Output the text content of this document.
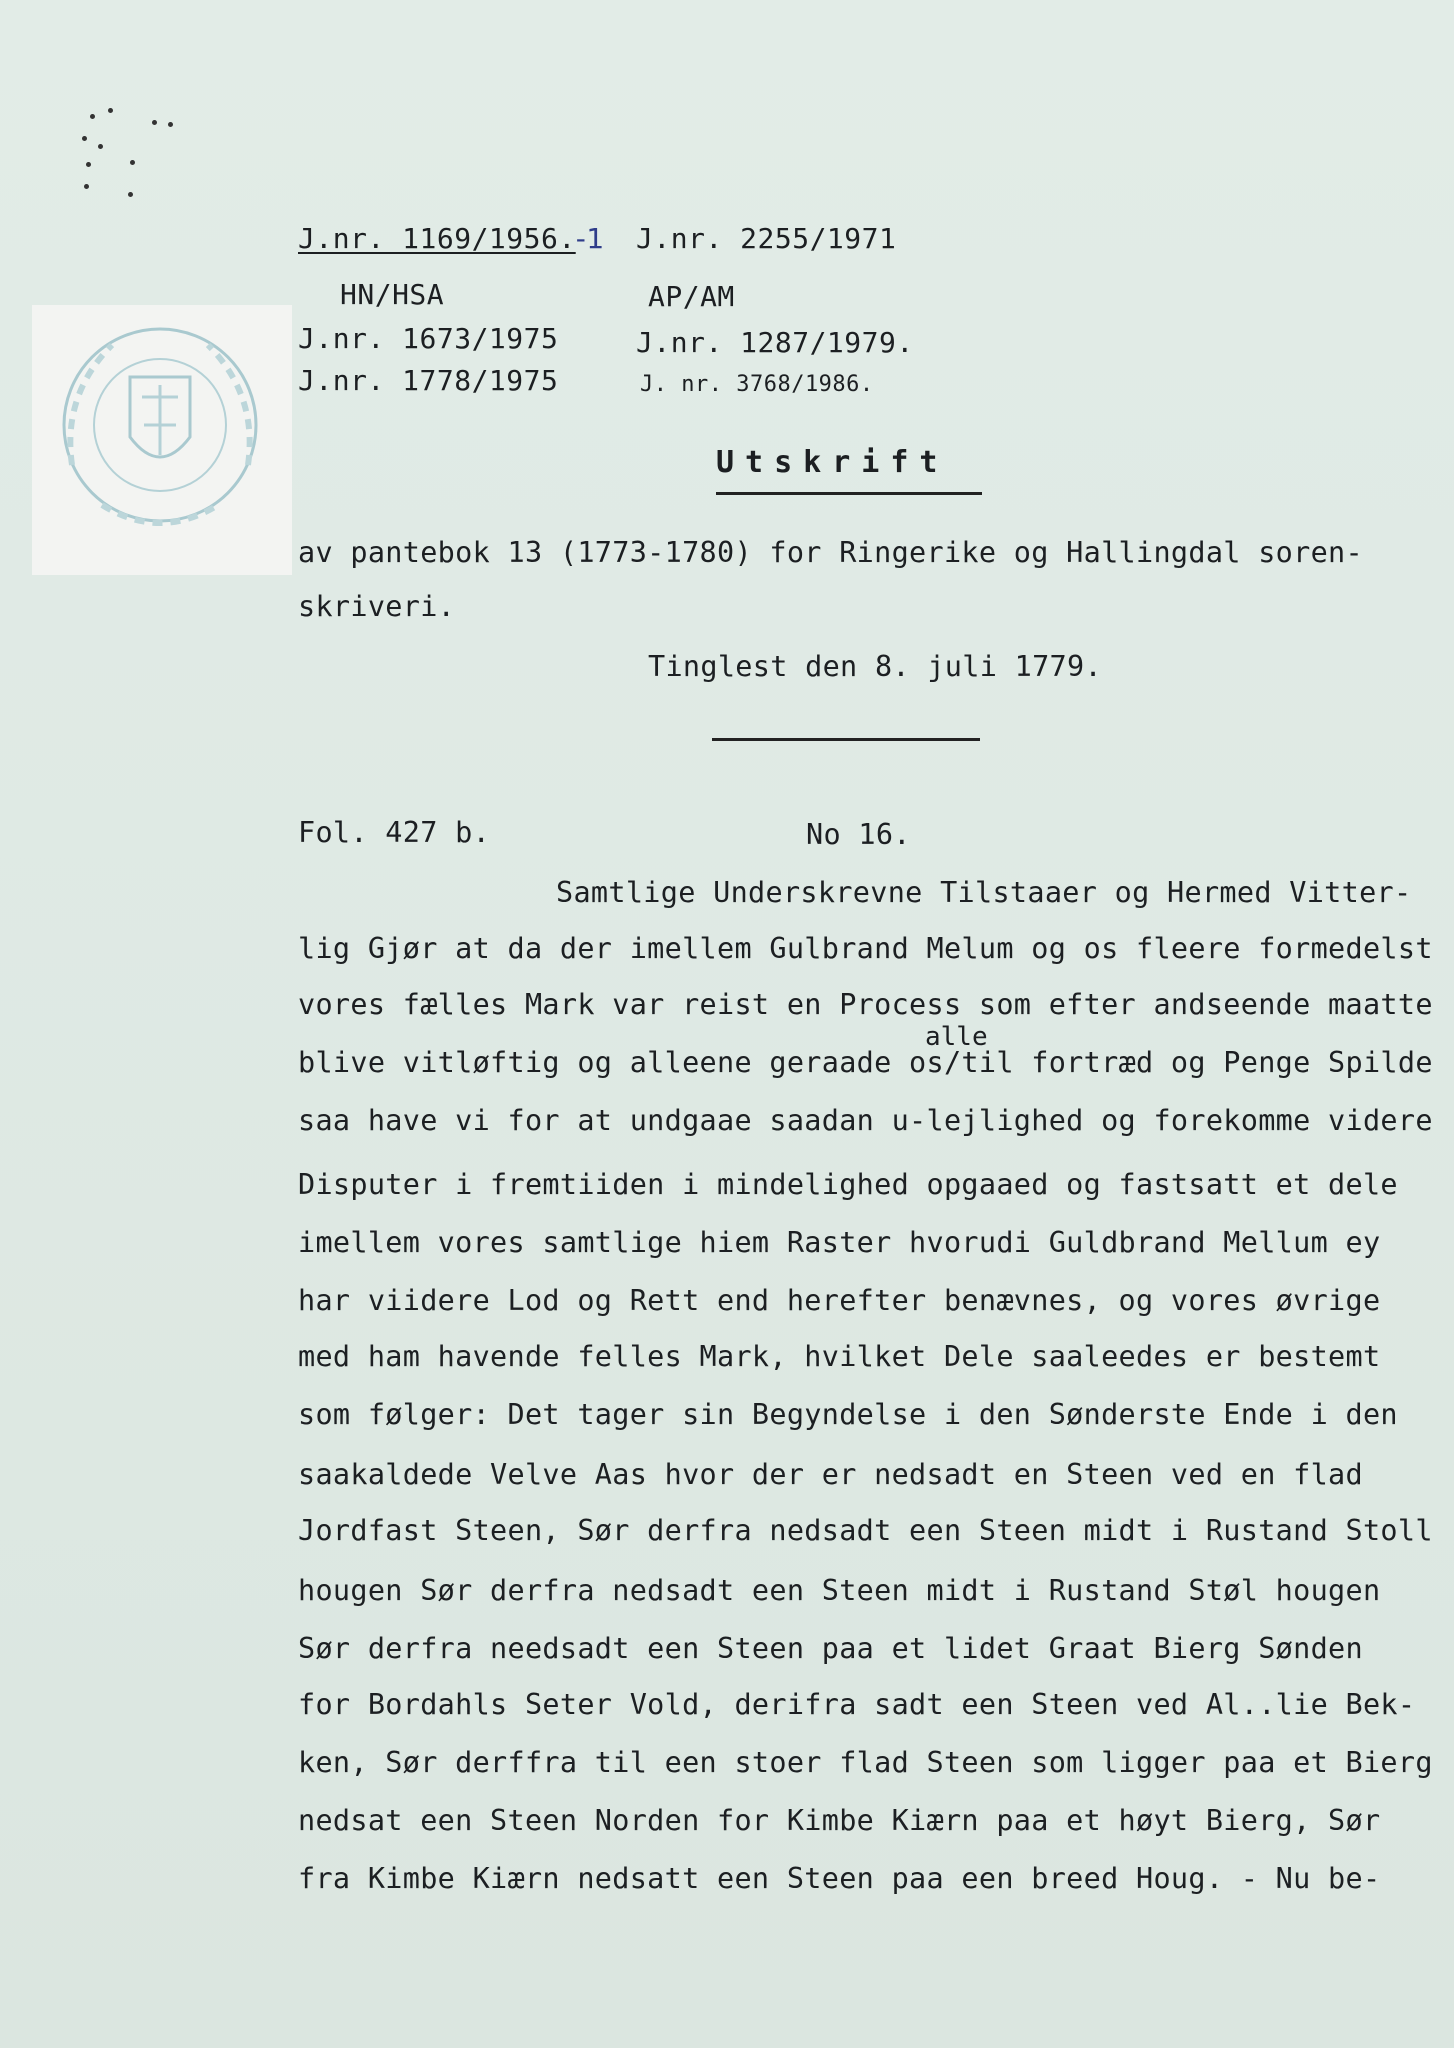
J.nr. 1169/1956.-1 J.nr. 2255/1971
HN/HSA	AP/AM
J.nr. 1673/1975	J.nr. 1287/1979.
J.nr. 1778/1975	J. nr. 3768/1986.
Utskrift
av pantebok 13 (1773-1780) for Ringerike og Hallingdal soren-
skriveri.
Tinglest den 8. juli 1779.
Fol. 427 b.	No 16.
Samtlige Underskrevne Tilstaaer og Hermed Vitter-
lig Gjør at da der imellem Gulbrand Melum og os fleere formedelst
vores fælles Mark var reist en Process som efter andseende maatte
alle
blive vitløftig og alleene geraade os/til fortræd og Penge Spilde
saa have vi for at undgaae saadan u-lejlighed og forekomme videre
Disputer i fremtiiden i mindelighed opgaaed og fastsatt et dele
imellem vores samtlige hiem Raster hvorudi Guldbrand Mellum ey
har viidere Lod og Rett end herefter benævnes, og vores øvrige
med ham havende felles Mark, hvilket Dele saaleedes er bestemt
som følger: Det tager sin Begyndelse i den Sønderste Ende i den
saakaldede Velve Aas hvor der er nedsadt en Steen ved en flad
Jordfast Steen, Sør derfra nedsadt een Steen midt i Rustand Stoll
hougen Sør derfra nedsadt een Steen midt i Rustand Støl hougen
Sør derfra needsadt een Steen paa et lidet Graat Bierg Sønden
for Bordahls Seter Vold, derifra sadt een Steen ved Al..lie Bek-
ken, Sør derffra til een stoer flad Steen som ligger paa et Bierg
nedsat een Steen Norden for Kimbe Kiærn paa et høyt Bierg, Sør
fra Kimbe Kiærn nedsatt een Steen paa een breed Houg. - Nu be-
